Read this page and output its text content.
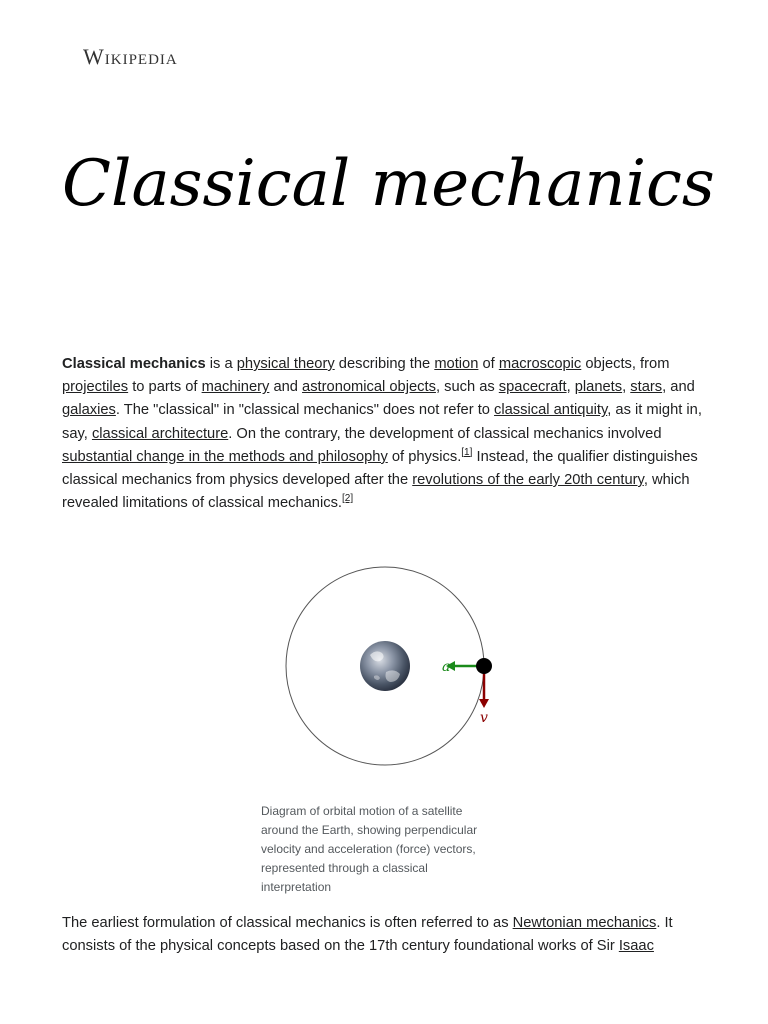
Wikipedia
Classical mechanics

Classical mechanics is a physical theory describing the motion of macroscopic objects, from projectiles to parts of machinery and astronomical objects, such as spacecraft, planets, stars, and galaxies. The "classical" in "classical mechanics" does not refer to classical antiquity, as it might in, say, classical architecture. On the contrary, the development of classical mechanics involved substantial change in the methods and philosophy of physics.[1] Instead, the qualifier distinguishes classical mechanics from physics developed after the revolutions of the early 20th century, which revealed limitations of classical mechanics.[2]

a
v

Diagram of orbital motion of a satellite around the Earth, showing perpendicular velocity and acceleration (force) vectors, represented through a classical interpretation

The earliest formulation of classical mechanics is often referred to as Newtonian mechanics. It consists of the physical concepts based on the 17th century foundational works of Sir Isaac
